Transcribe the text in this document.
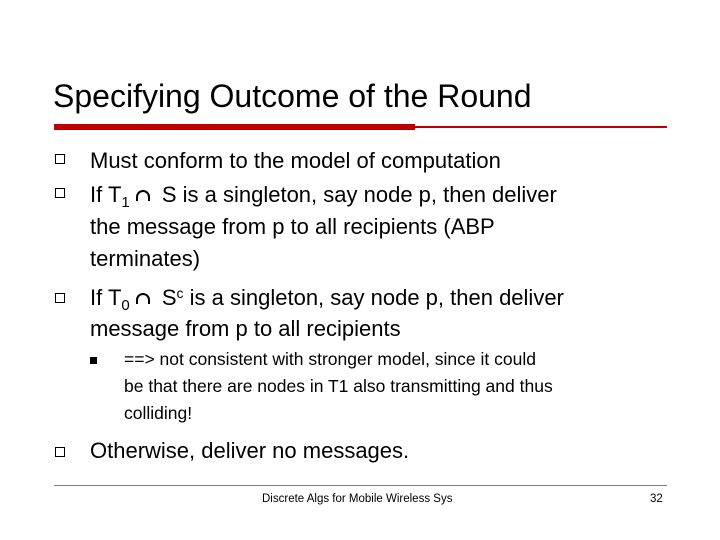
Specifying Outcome of the Round
Must conform to the model of computation
If $T_1$ S is a singleton, say node p, then deliver
the message from p to all recipients (ABP
terminates)
If $T_0$ $S^c$ is a singleton, say node p, then deliver
message from p to all recipients
==> not consistent with stronger model, since it could
be that there are nodes in T1 also transmitting and thus
colliding!
Otherwise, deliver no messages.
Discrete Algs for Mobile Wireless Sys	32
